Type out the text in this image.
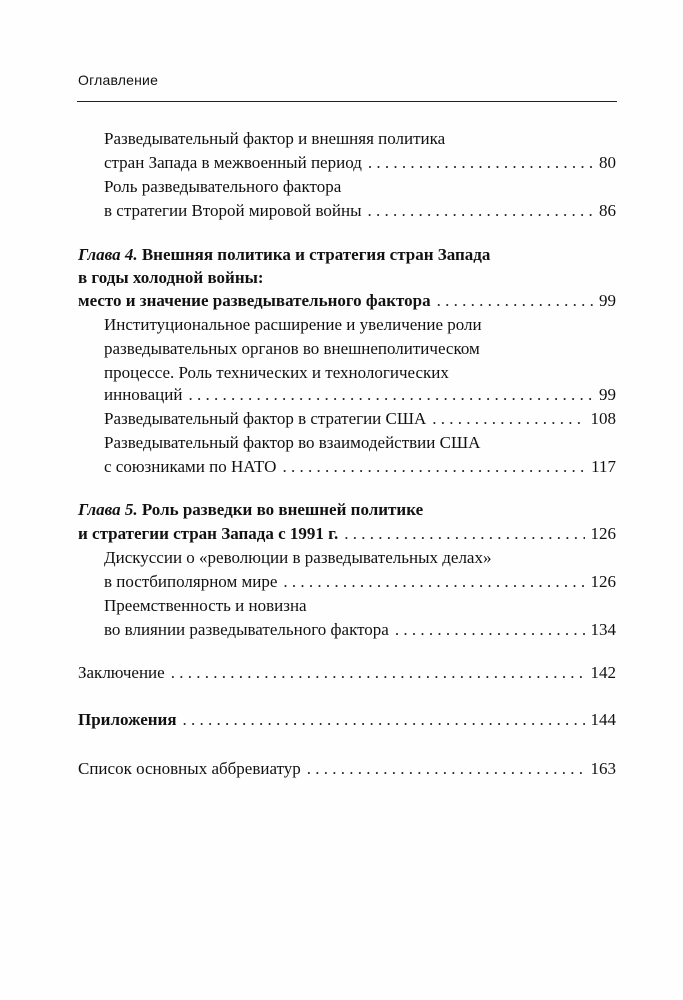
Оглавление
Разведывательный фактор и внешняя политика
стран Запада в межвоенный период . . .	80
Роль разведывательного фактора
в стратегии Второй мировой войны . . .	86
Глава 4. Внешняя политика и стратегия стран Запада
в годы холодной войны:
место и значение разведывательного фактора . . .	99
Институциональное расширение и увеличение роли
разведывательных органов во внешнеполитическом
процессе. Роль технических и технологических
инноваций . . .	99
Разведывательный фактор в стратегии США . . .	108
Разведывательный фактор во взаимодействии США
с союзниками по НАТО . . .	117
Глава 5. Роль разведки во внешней политике
и стратегии стран Запада с 1991 г. . . .	126
Дискуссии о «революции в разведывательных делах»
в постбиполярном мире . . .	126
Преемственность и новизна
во влиянии разведывательного фактора . . .	134
Заключение . . .	142
Приложения . . .	144
Список основных аббревиатур . . .	163
